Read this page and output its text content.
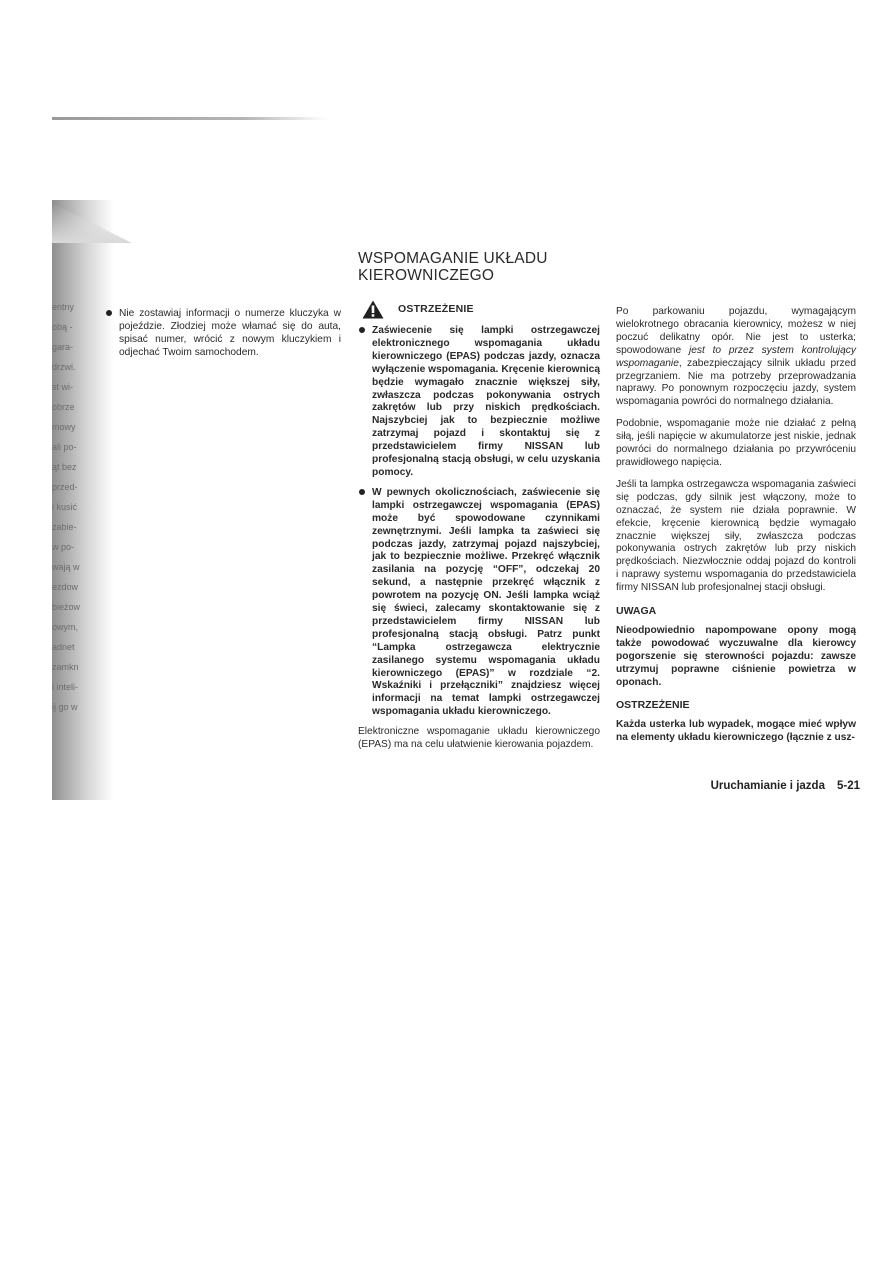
entny
obą -
gara-
drzwi.
st wi-
obrze
mowy
ali po-
ąt bez
przed-
i kusić
zabie-
w po-
wają w
ezdow
bieżow
owym,
adnet
zamkn
i inteli-
ij go w
Nie zostawiaj informacji o numerze kluczyka w pojeździe. Złodziej może włamać się do auta, spisać numer, wrócić z nowym kluczykiem i odjechać Twoim samochodem.
WSPOMAGANIE UKŁADU
KIEROWNICZEGO
OSTRZEŻENIE
Zaświecenie się lampki ostrzegawczej elektronicznego wspomagania układu kierowniczego (EPAS) podczas jazdy, oznacza wyłączenie wspomagania. Kręcenie kierownicą będzie wymagało znacznie większej siły, zwłaszcza podczas pokonywania ostrych zakrętów lub przy niskich prędkościach. Najszybciej jak to bezpiecznie możliwe zatrzymaj pojazd i skontaktuj się z przedstawicielem firmy NISSAN lub profesjonalną stacją obsługi, w celu uzyskania pomocy.
W pewnych okolicznościach, zaświecenie się lampki ostrzegawczej wspomagania (EPAS) może być spowodowane czynnikami zewnętrznymi. Jeśli lampka ta zaświeci się podczas jazdy, zatrzymaj pojazd najszybciej, jak to bezpiecznie możliwe. Przekręć włącznik zasilania na pozycję “OFF”, odczekaj 20 sekund, a następnie przekręć włącznik z powrotem na pozycję ON. Jeśli lampka wciąż się świeci, zalecamy skontaktowanie się z przedstawicielem firmy NISSAN lub profesjonalną stacją obsługi. Patrz punkt “Lampka ostrzegawcza elektrycznie zasilanego systemu wspomagania układu kierowniczego (EPAS)” w rozdziale “2. Wskaźniki i przełączniki” znajdziesz więcej informacji na temat lampki ostrzegawczej wspomagania układu kierowniczego.

Elektroniczne wspomaganie układu kierowniczego (EPAS) ma na celu ułatwienie kierowania pojazdem.

Po parkowaniu pojazdu, wymagającym wielokrotnego obracania kierownicy, możesz w niej poczuć delikatny opór. Nie jest to usterka; spowodowane jest to przez system kontrolujący wspomaganie, zabezpieczający silnik układu przed przegrzaniem. Nie ma potrzeby przeprowadzania naprawy. Po ponownym rozpoczęciu jazdy, system wspomagania powróci do normalnego działania.

Podobnie, wspomaganie może nie działać z pełną siłą, jeśli napięcie w akumulatorze jest niskie, jednak powróci do normalnego działania po przywróceniu prawidłowego napięcia.

Jeśli ta lampka ostrzegawcza wspomagania zaświeci się podczas, gdy silnik jest włączony, może to oznaczać, że system nie działa poprawnie. W efekcie, kręcenie kierownicą będzie wymagało znacznie większej siły, zwłaszcza podczas pokonywania ostrych zakrętów lub przy niskich prędkościach. Niezwłocznie oddaj pojazd do kontroli i naprawy systemu wspomagania do przedstawiciela firmy NISSAN lub profesjonalnej stacji obsługi.

UWAGA

Nieodpowiednio napompowane opony mogą także powodować wyczuwalne dla kierowcy pogorszenie się sterowności pojazdu: zawsze utrzymuj poprawne ciśnienie powietrza w oponach.

OSTRZEŻENIE

Każda usterka lub wypadek, mogące mieć wpływ na elementy układu kierowniczego (łącznie z usz-

Uruchamianie i jazda 5-21
